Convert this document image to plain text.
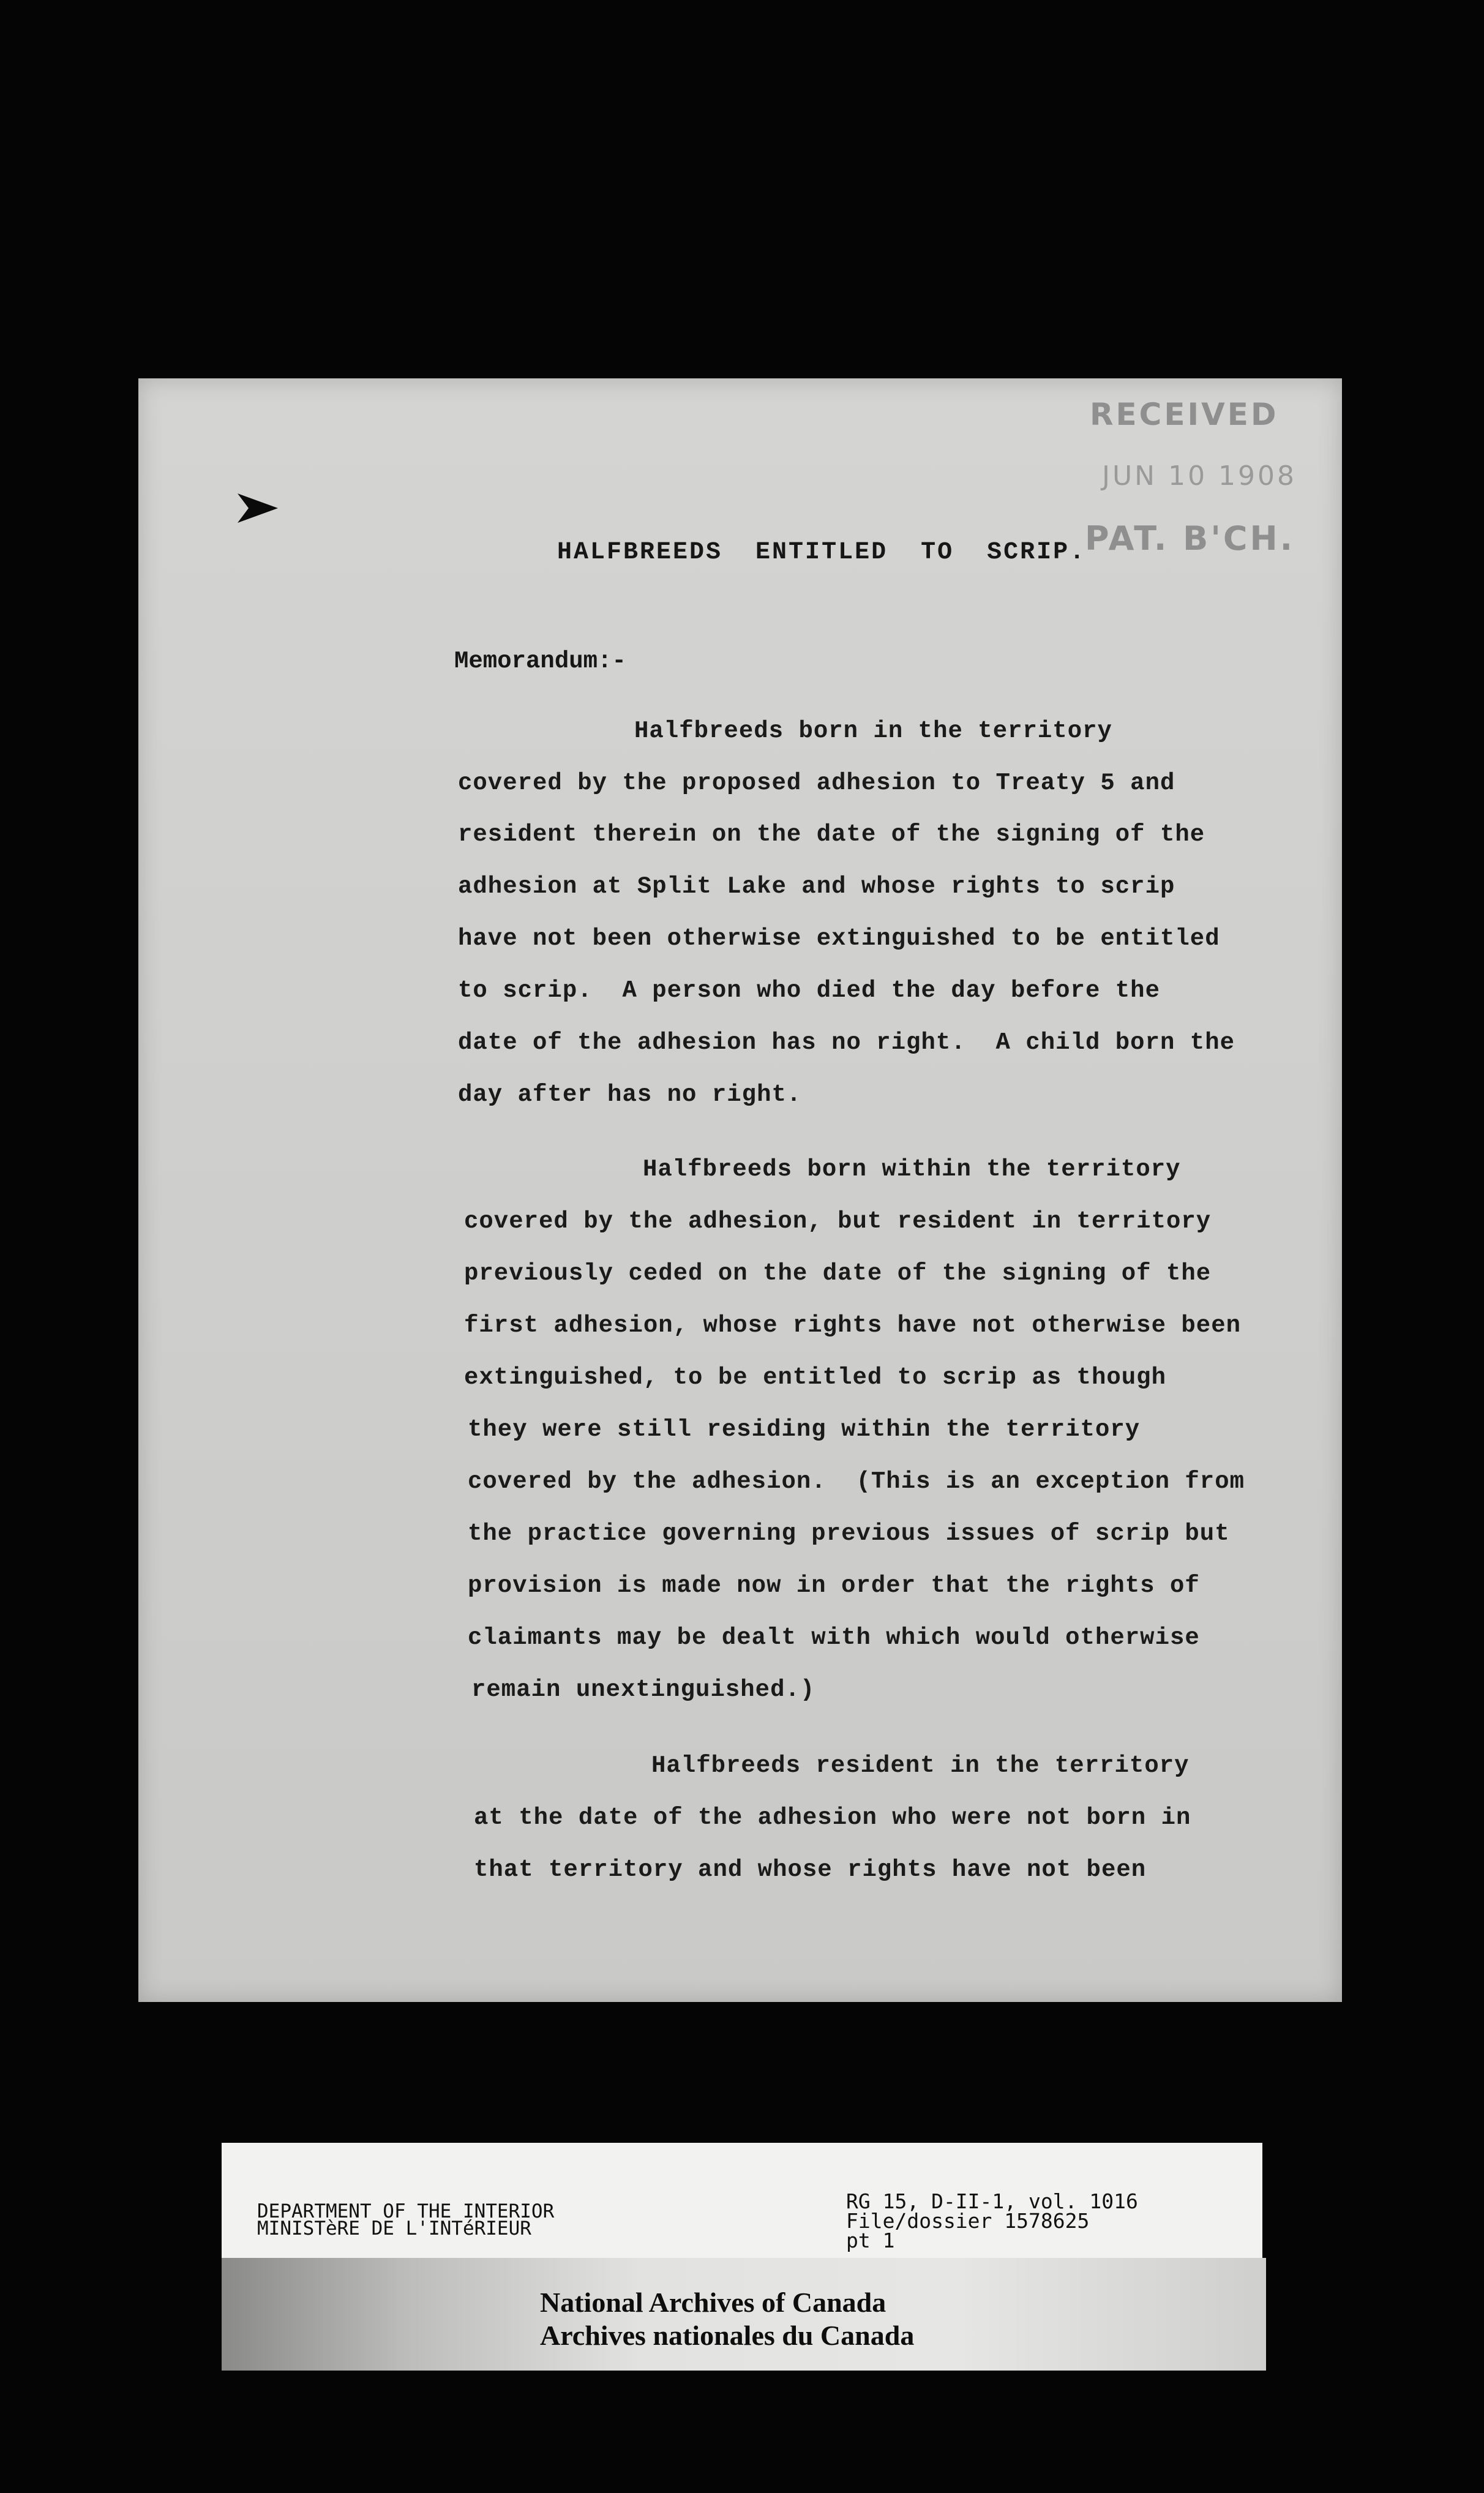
RECEIVED
JUN 10 1908
PAT. B'CH.
HALFBREEDS  ENTITLED  TO  SCRIP.
Memorandum:-
Halfbreeds born in the territory
covered by the proposed adhesion to Treaty 5 and
resident therein on the date of the signing of the
adhesion at Split Lake and whose rights to scrip
have not been otherwise extinguished to be entitled
to scrip.  A person who died the day before the
date of the adhesion has no right.  A child born the
day after has no right.
Halfbreeds born within the territory
covered by the adhesion, but resident in territory
previously ceded on the date of the signing of the
first adhesion, whose rights have not otherwise been
extinguished, to be entitled to scrip as though
they were still residing within the territory
covered by the adhesion.  (This is an exception from
the practice governing previous issues of scrip but
provision is made now in order that the rights of
claimants may be dealt with which would otherwise
remain unextinguished.)
Halfbreeds resident in the territory
at the date of the adhesion who were not born in
that territory and whose rights have not been
DEPARTMENT OF THE INTERIOR
MINISTèRE DE L'INTéRIEUR
RG 15, D-II-1, vol. 1016
File/dossier 1578625
pt 1
National Archives of Canada
Archives nationales du Canada
